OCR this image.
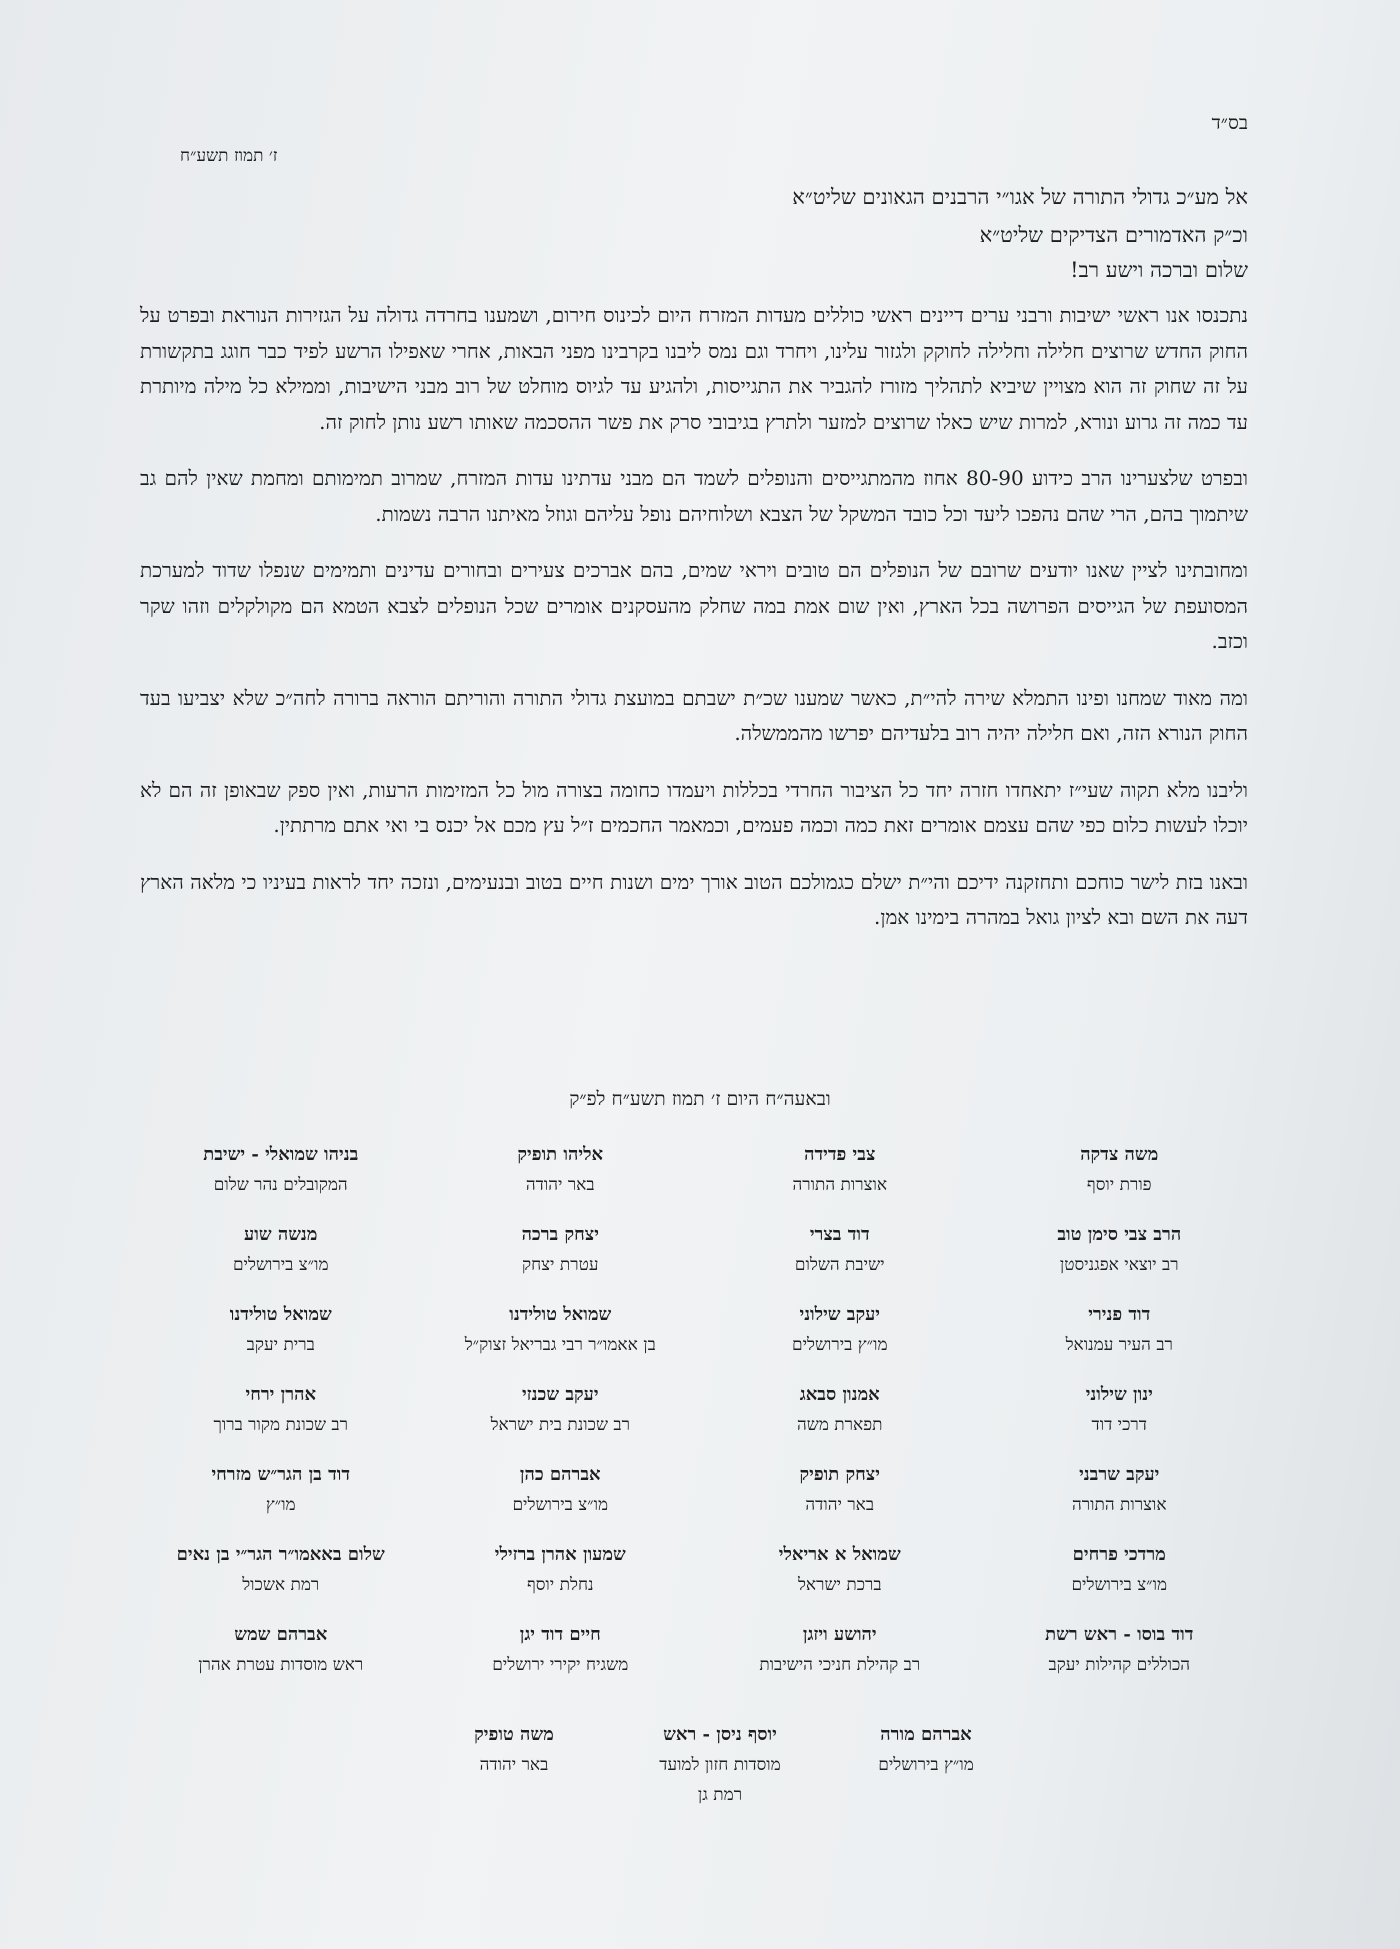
בס״ד
ז׳ תמוז תשע״ח
אל מע״כ גדולי התורה של אגו״י הרבנים הגאונים שליט״א
וכ״ק האדמורים הצדיקים שליט״א
שלום וברכה וישע רב!

נתכנסו אנו ראשי ישיבות ורבני ערים דיינים ראשי כוללים מעדות המזרח היום לכינוס חירום, ושמענו בחרדה גדולה על הגזירות הנוראת ובפרט על החוק החדש שרוצים חלילה וחלילה לחוקק ולגזור עלינו, ויחרד וגם נמס ליבנו בקרבינו מפני הבאות, אחרי שאפילו הרשע לפיד כבר חוגג בתקשורת על זה שחוק זה הוא מצויין שיביא לתהליך מזורז להגביר את התגייסות, ולהגיע עד לגיוס מוחלט של רוב מבני הישיבות, וממילא כל מילה מיותרת עד כמה זה גרוע ונורא, למרות שיש כאלו שרוצים למזער ולתרץ בגיבובי סרק את פשר ההסכמה שאותו רשע נותן לחוק זה.

ובפרט שלצערינו הרב כידוע 80-90 אחוז מהמתגייסים והנופלים לשמד הם מבני עדתינו עדות המזרח, שמרוב תמימותם ומחמת שאין להם גב שיתמוך בהם, הרי שהם נהפכו ליעד וכל כובד המשקל של הצבא ושלוחיהם נופל עליהם וגוזל מאיתנו הרבה נשמות.

ומחובתינו לציין שאנו יודעים שרובם של הנופלים הם טובים ויראי שמים, בהם אברכים צעירים ובחורים עדינים ותמימים שנפלו שדוד למערכת המסועפת של הגייסים הפרושה בכל הארץ, ואין שום אמת במה שחלק מהעסקנים אומרים שכל הנופלים לצבא הטמא הם מקולקלים וזהו שקר וכזב.

ומה מאוד שמחנו ופינו התמלא שירה להי״ת, כאשר שמענו שכ״ת ישבתם במועצת גדולי התורה והוריתם הוראה ברורה לחה״כ שלא יצביעו בעד החוק הנורא הזה, ואם חלילה יהיה רוב בלעדיהם יפרשו מהממשלה.

וליבנו מלא תקוה שעי״ז יתאחדו חזרה יחד כל הציבור החרדי בכללות ויעמדו כחומה בצורה מול כל המזימות הרעות, ואין ספק שבאופן זה הם לא יוכלו לעשות כלום כפי שהם עצמם אומרים זאת כמה וכמה פעמים, וכמאמר החכמים ז״ל עץ מכם אל יכנס בי ואי אתם מרתתין.

ובאנו בזת לישר כוחכם ותחזקנה ידיכם והי״ת ישלם כגמולכם הטוב אורך ימים ושנות חיים בטוב ובנעימים, ונזכה יחד לראות בעיניו כי מלאה הארץ דעה את השם ובא לציון גואל במהרה בימינו אמן.

ובאעה״ח היום ז׳ תמוז תשע״ח לפ״ק
משה צדקה
פורת יוסף
צבי פדידה
אוצרות התורה
אליהו תופיק
באר יהודה
בניהו שמואלי - ישיבת
המקובלים נהר שלום
הרב צבי סימן טוב
רב יוצאי אפגניסטן
דוד בצרי
ישיבת השלום
יצחק ברכה
עטרת יצחק
מנשה שוע
מו״צ בירושלים
דוד פנירי
רב העיר עמנואל
יעקב שילוני
מו״ץ בירושלים
שמואל טולידנו
בן אאמו״ר רבי גבריאל זצוק״ל
שמואל טולידנו
ברית יעקב
ינון שילוני
דרכי דוד
אמנון סבאג
תפארת משה
יעקב שכנזי
רב שכונת בית ישראל
אהרן ירחי
רב שכונת מקור ברוך
יעקב שרבני
אוצרות התורה
יצחק תופיק
באר יהודה
אברהם כהן
מו״צ בירושלים
דוד בן הגר״ש מזרחי
מו״ץ
מרדכי פרחים
מו״צ בירושלים
שמואל א אריאלי
ברכת ישראל
שמעון אהרן ברזילי
נחלת יוסף
שלום באאמו״ר הגר״י בן נאים
רמת אשכול
דוד בוסו - ראש רשת
הכוללים קהילות יעקב
יהושע ויזגן
רב קהילת חניכי הישיבות
חיים דוד יגן
משגיח יקירי ירושלים
אברהם שמש
ראש מוסדות עטרת אהרן
אברהם מורה
מו״ץ בירושלים
יוסף ניסן - ראש
מוסדות חזון למועד
רמת גן
משה טופיק
באר יהודה
